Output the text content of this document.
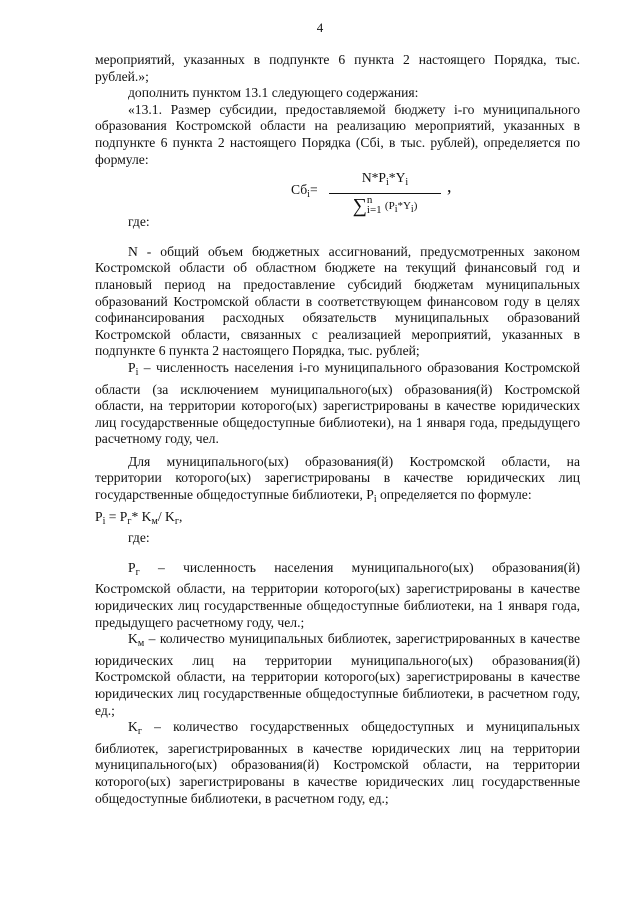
4

мероприятий, указанных в подпункте 6 пункта 2 настоящего Порядка, тыс. рублей.»;

дополнить пунктом 13.1 следующего содержания:

«13.1. Размер субсидии, предоставляемой бюджету i-го муниципального образования Костромской области на реализацию мероприятий, указанных в подпункте 6 пункта 2 настоящего Порядка (Сбi, в тыс. рублей), определяется по формуле:

$Сб_i= N*P_i*Y_i$
∑ n
i=1 (Pi*Yi) ,

где:

N - общий объем бюджетных ассигнований, предусмотренных законом Костромской области об областном бюджете на текущий финансовый год и плановый период на предоставление субсидий бюджетам муниципальных образований Костромской области в соответствующем финансовом году в целях софинансирования расходных обязательств муниципальных образований Костромской области, связанных с реализацией мероприятий, указанных в подпункте 6 пункта 2 настоящего Порядка, тыс. рублей;

$P_i$ – численность населения i-го муниципального образования Костромской области (за исключением муниципального(ых) образования(й) Костромской области, на территории которого(ых) зарегистрированы в качестве юридических лиц государственные общедоступные библиотеки), на 1 января года, предыдущего расчетному году, чел.

Для муниципального(ых) образования(й) Костромской области, на территории которого(ых) зарегистрированы в качестве юридических лиц государственные общедоступные библиотеки, $P_i$ определяется по формуле:

$P_i = P_г*$ $K_м/$ $K_г$,

где:

$P_г$ – численность населения муниципального(ых) образования(й) Костромской области, на территории которого(ых) зарегистрированы в качестве юридических лиц государственные общедоступные библиотеки, на 1 января года, предыдущего расчетному году, чел.;

$K_м$ – количество муниципальных библиотек, зарегистрированных в качестве юридических лиц на территории муниципального(ых) образования(й) Костромской области, на территории которого(ых) зарегистрированы в качестве юридических лиц государственные общедоступные библиотеки, в расчетном году, ед.;

$K_г$ – количество государственных общедоступных и муниципальных библиотек, зарегистрированных в качестве юридических лиц на территории муниципального(ых) образования(й) Костромской области, на территории которого(ых) зарегистрированы в качестве юридических лиц государственные общедоступные библиотеки, в расчетном году, ед.;
